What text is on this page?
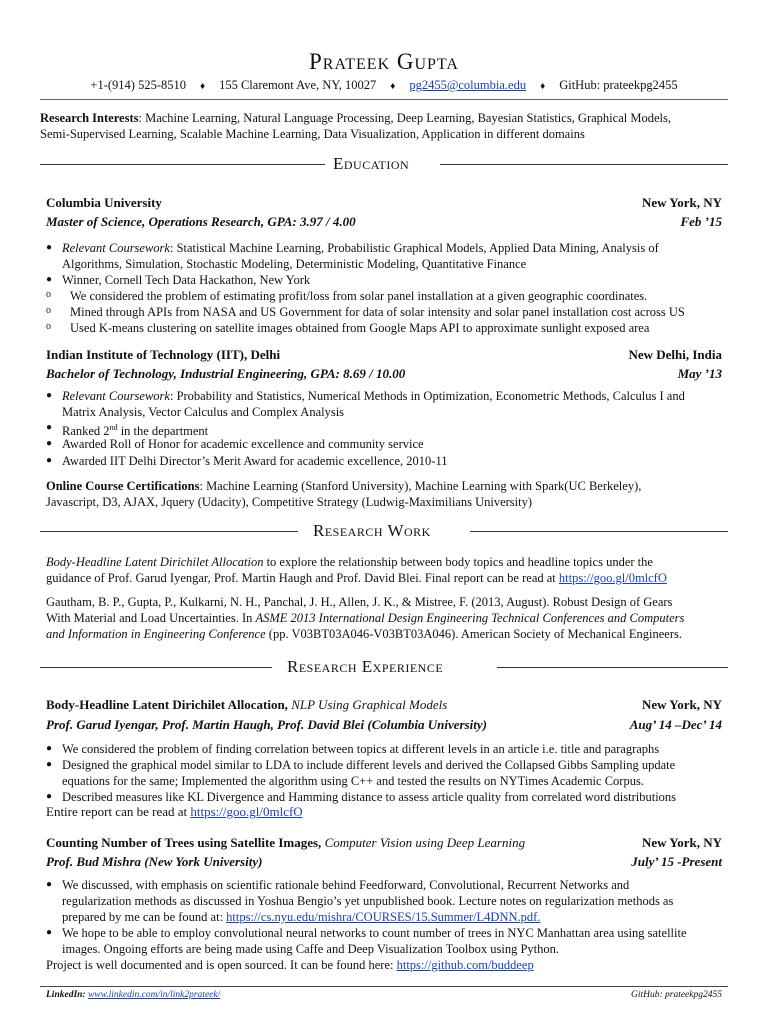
Prateek Gupta
+1-(914) 525-8510 ♦ 155 Claremont Ave, NY, 10027 ♦ pg2455@columbia.edu ♦ GitHub: prateekpg2455
Research Interests: Machine Learning, Natural Language Processing, Deep Learning, Bayesian Statistics, Graphical Models,
Semi-Supervised Learning, Scalable Machine Learning, Data Visualization, Application in different domains
Education
Columbia University	New York, NY
Master of Science, Operations Research, GPA: 3.97 / 4.00	Feb ’15
● Relevant Coursework: Statistical Machine Learning, Probabilistic Graphical Models, Applied Data Mining, Analysis of
Algorithms, Simulation, Stochastic Modeling, Deterministic Modeling, Quantitative Finance
● Winner, Cornell Tech Data Hackathon, New York
o We considered the problem of estimating profit/loss from solar panel installation at a given geographic coordinates.
o Mined through APIs from NASA and US Government for data of solar intensity and solar panel installation cost across US
o Used K-means clustering on satellite images obtained from Google Maps API to approximate sunlight exposed area
Indian Institute of Technology (IIT), Delhi	New Delhi, India
Bachelor of Technology, Industrial Engineering, GPA: 8.69 / 10.00	May ’13
● Relevant Coursework: Probability and Statistics, Numerical Methods in Optimization, Econometric Methods, Calculus I and
Matrix Analysis, Vector Calculus and Complex Analysis
● Ranked 2nd in the department
● Awarded Roll of Honor for academic excellence and community service
● Awarded IIT Delhi Director’s Merit Award for academic excellence, 2010-11
Online Course Certifications: Machine Learning (Stanford University), Machine Learning with Spark(UC Berkeley),
Javascript, D3, AJAX, Jquery (Udacity), Competitive Strategy (Ludwig-Maximilians University)
Research Work
Body-Headline Latent Dirichilet Allocation to explore the relationship between body topics and headline topics under the
guidance of Prof. Garud Iyengar, Prof. Martin Haugh and Prof. David Blei. Final report can be read at https://goo.gl/0mlcfO
Gautham, B. P., Gupta, P., Kulkarni, N. H., Panchal, J. H., Allen, J. K., & Mistree, F. (2013, August). Robust Design of Gears
With Material and Load Uncertainties. In ASME 2013 International Design Engineering Technical Conferences and Computers
and Information in Engineering Conference (pp. V03BT03A046-V03BT03A046). American Society of Mechanical Engineers.
Research Experience
Body-Headline Latent Dirichilet Allocation, NLP Using Graphical Models	New York, NY
Prof. Garud Iyengar, Prof. Martin Haugh, Prof. David Blei (Columbia University)	Aug’ 14 –Dec’ 14
● We considered the problem of finding correlation between topics at different levels in an article i.e. title and paragraphs
● Designed the graphical model similar to LDA to include different levels and derived the Collapsed Gibbs Sampling update
equations for the same; Implemented the algorithm using C++ and tested the results on NYTimes Academic Corpus.
● Described measures like KL Divergence and Hamming distance to assess article quality from correlated word distributions
Entire report can be read at https://goo.gl/0mlcfO
Counting Number of Trees using Satellite Images, Computer Vision using Deep Learning	New York, NY
Prof. Bud Mishra (New York University)	July’ 15 -Present
● We discussed, with emphasis on scientific rationale behind Feedforward, Convolutional, Recurrent Networks and
regularization methods as discussed in Yoshua Bengio’s yet unpublished book. Lecture notes on regularization methods as
prepared by me can be found at: https://cs.nyu.edu/mishra/COURSES/15.Summer/L4DNN.pdf.
● We hope to be able to employ convolutional neural networks to count number of trees in NYC Manhattan area using satellite
images. Ongoing efforts are being made using Caffe and Deep Visualization Toolbox using Python.
Project is well documented and is open sourced. It can be found here: https://github.com/buddeep
LinkedIn: www.linkedin.com/in/link2prateek/	GitHub: prateekpg2455
